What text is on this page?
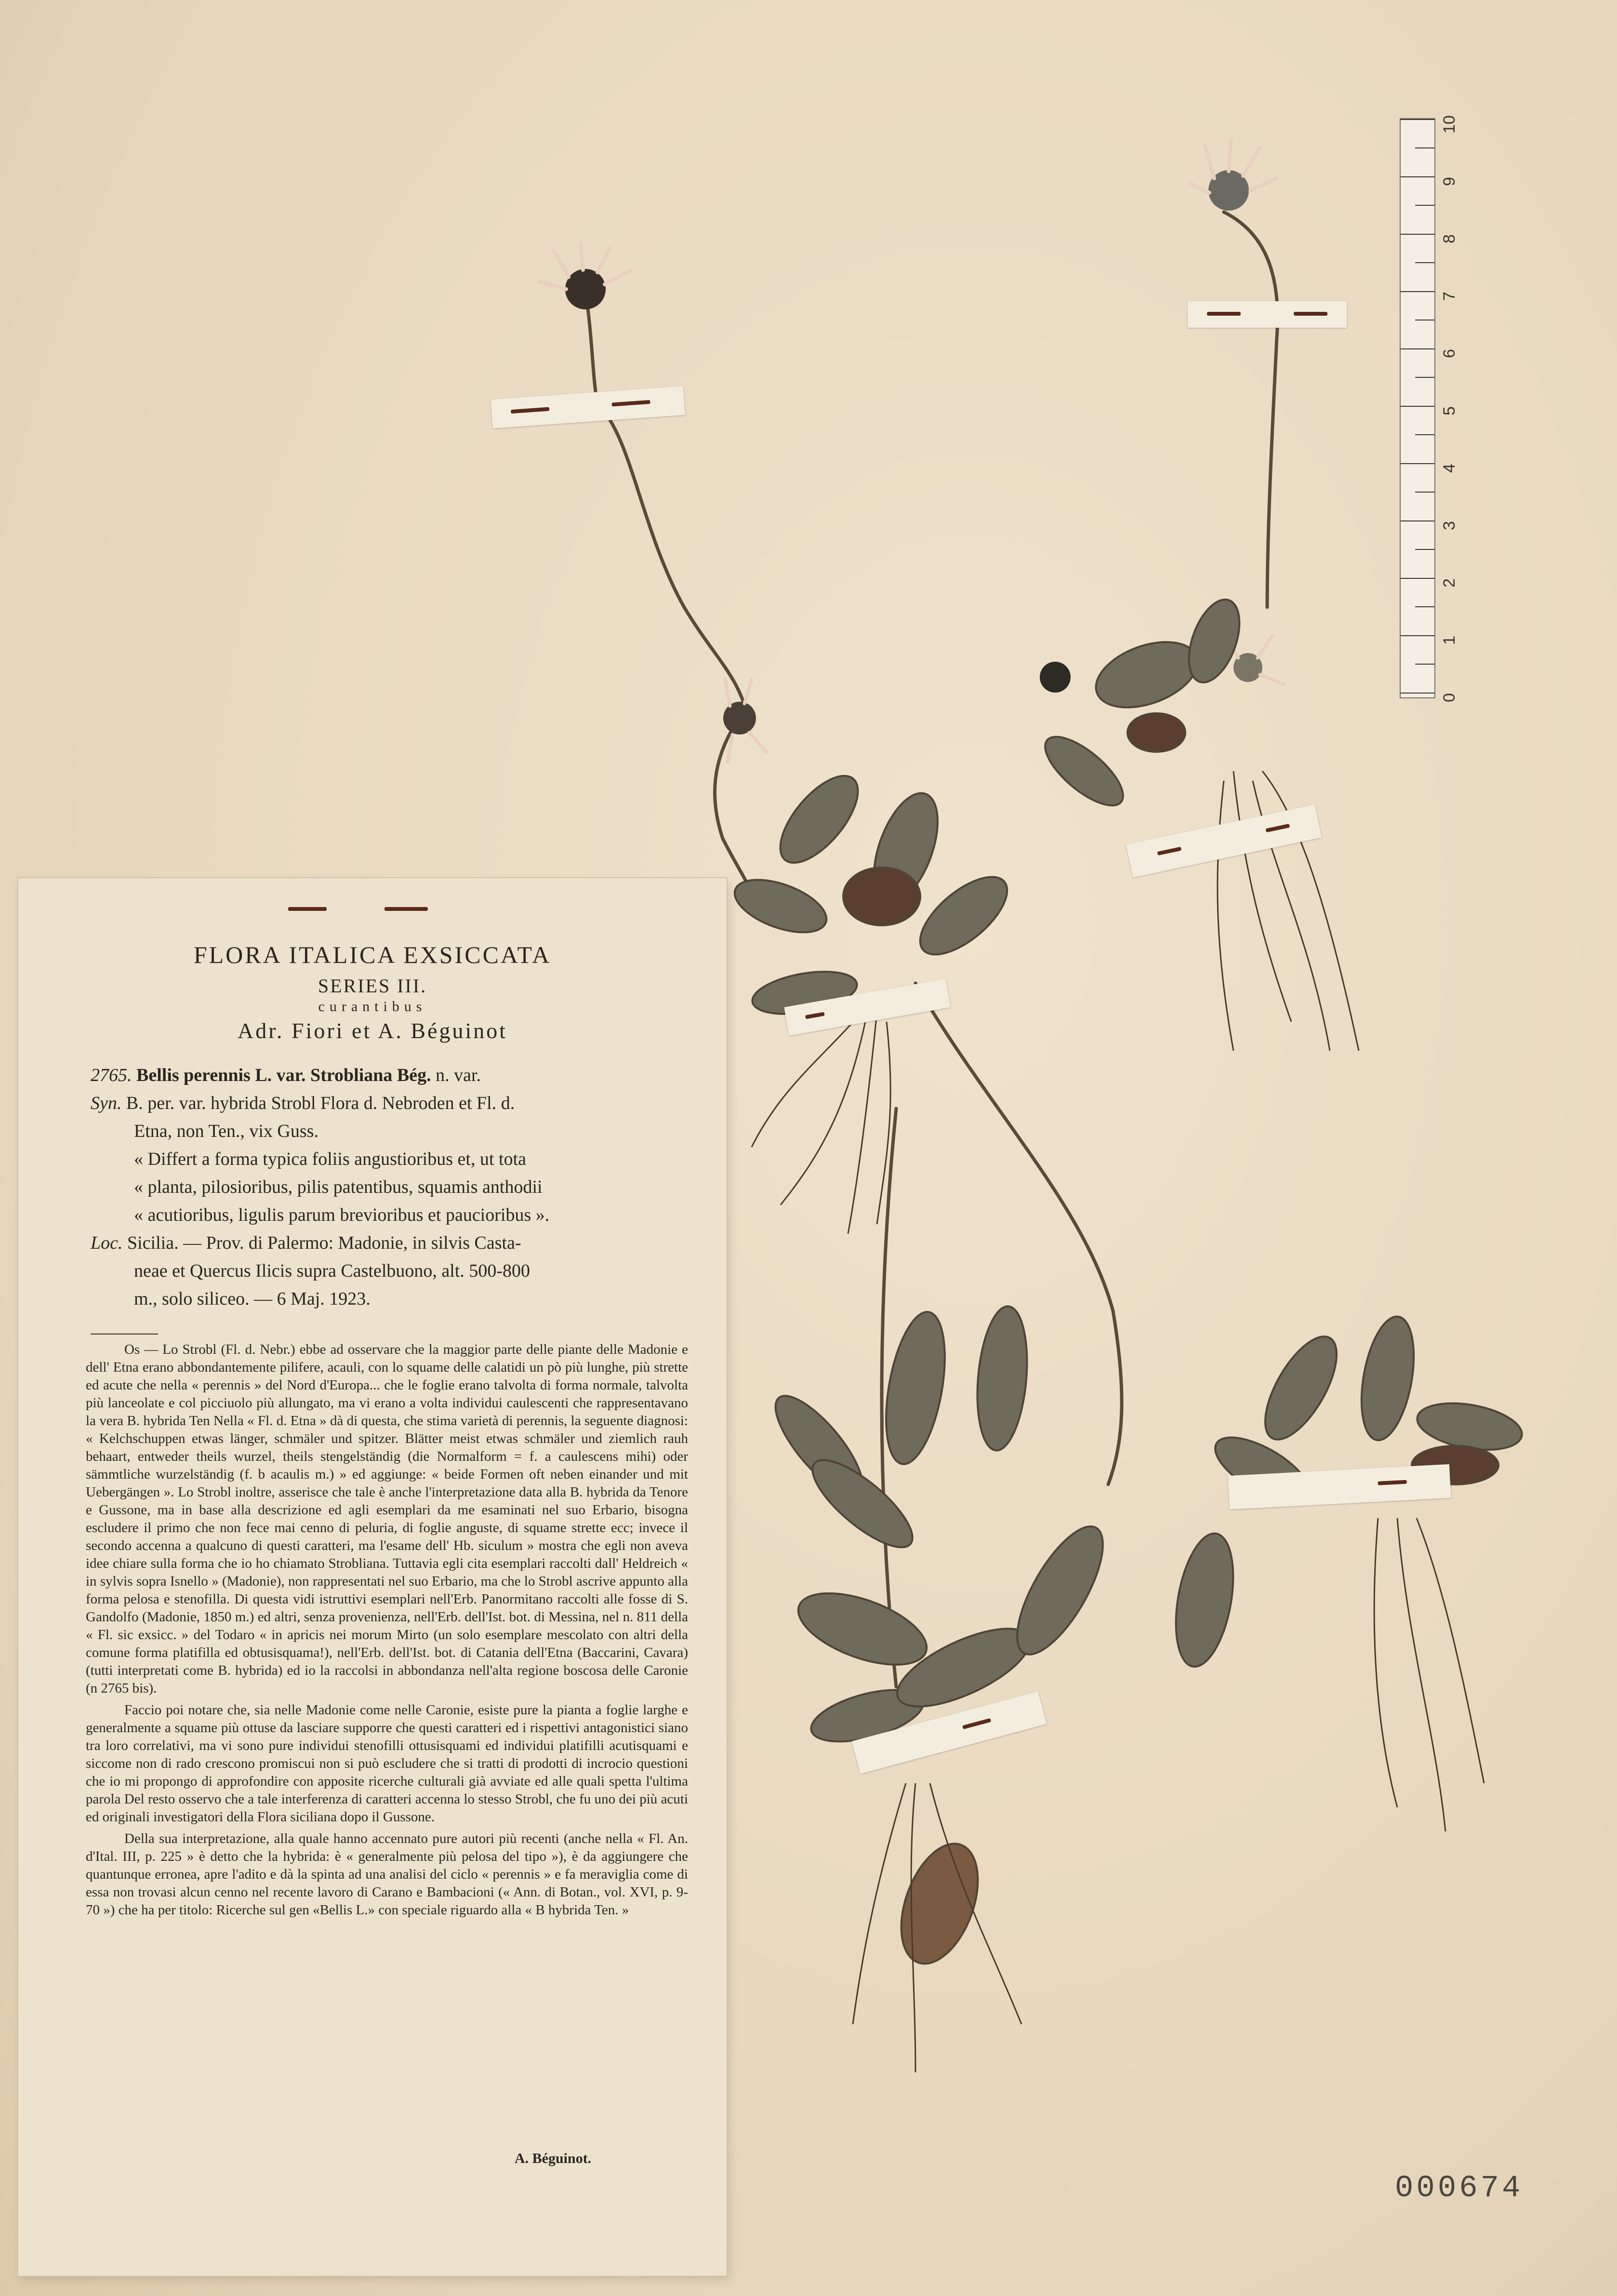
0
1
2
3
4
5
6
7
8
9
10
FLORA ITALICA EXSICCATA
SERIES III.
curantibus
Adr. Fiori et A. Béguinot
2765. Bellis perennis L. var. Strobliana Bég. n. var.
Syn. B. per. var. hybrida Strobl Flora d. Nebroden et Fl. d.
Etna, non Ten., vix Guss.
« Differt a forma typica foliis angustioribus et, ut tota
« planta, pilosioribus, pilis patentibus, squamis anthodii
« acutioribus, ligulis parum brevioribus et paucioribus ».
Loc. Sicilia. — Prov. di Palermo: Madonie, in silvis Casta-
neae et Quercus Ilicis supra Castelbuono, alt. 500-800
m., solo siliceo. — 6 Maj. 1923.

Os — Lo Strobl (Fl. d. Nebr.) ebbe ad osservare che la maggior parte delle piante delle Madonie e dell' Etna erano abbondantemente pilifere, acauli, con lo squame delle calatidi un pò più lunghe, più strette ed acute che nella « perennis » del Nord d'Europa... che le foglie erano talvolta di forma normale, talvolta più lanceolate e col picciuolo più allungato, ma vi erano a volta individui caulescenti che rappresentavano la vera B. hybrida Ten Nella « Fl. d. Etna » dà di questa, che stima varietà di perennis, la seguente diagnosi: « Kelchschuppen etwas länger, schmäler und spitzer. Blätter meist etwas schmäler und ziemlich rauh behaart, entweder theils wurzel, theils stengelständig (die Normalform = f. a caulescens mihi) oder sämmtliche wurzelständig (f. b acaulis m.) » ed aggiunge: « beide Formen oft neben einander und mit Uebergängen ». Lo Strobl inoltre, asserisce che tale è anche l'interpretazione data alla B. hybrida da Tenore e Gussone, ma in base alla descrizione ed agli esemplari da me esaminati nel suo Erbario, bisogna escludere il primo che non fece mai cenno di peluria, di foglie anguste, di squame strette ecc; invece il secondo accenna a qualcuno di questi caratteri, ma l'esame dell' Hb. siculum » mostra che egli non aveva idee chiare sulla forma che io ho chiamato Strobliana. Tuttavia egli cita esemplari raccolti dall' Heldreich « in sylvis sopra Isnello » (Madonie), non rappresentati nel suo Erbario, ma che lo Strobl ascrive appunto alla forma pelosa e stenofilla. Di questa vidi istruttivi esemplari nell'Erb. Panormitano raccolti alle fosse di S. Gandolfo (Madonie, 1850 m.) ed altri, senza provenienza, nell'Erb. dell'Ist. bot. di Messina, nel n. 811 della « Fl. sic exsicc. » del Todaro « in apricis nei morum Mirto (un solo esemplare mescolato con altri della comune forma platifilla ed obtusisquama!), nell'Erb. dell'Ist. bot. di Catania dell'Etna (Baccarini, Cavara) (tutti interpretati come B. hybrida) ed io la raccolsi in abbondanza nell'alta regione boscosa delle Caronie (n 2765 bis).

Faccio poi notare che, sia nelle Madonie come nelle Caronie, esiste pure la pianta a foglie larghe e generalmente a squame più ottuse da lasciare supporre che questi caratteri ed i rispettivi antagonistici siano tra loro correlativi, ma vi sono pure individui stenofilli ottusisquami ed individui platifilli acutisquami e siccome non di rado crescono promiscui non si può escludere che si tratti di prodotti di incrocio questioni che io mi propongo di approfondire con apposite ricerche culturali già avviate ed alle quali spetta l'ultima parola Del resto osservo che a tale interferenza di caratteri accenna lo stesso Strobl, che fu uno dei più acuti ed originali investigatori della Flora siciliana dopo il Gussone.

Della sua interpretazione, alla quale hanno accennato pure autori più recenti (anche nella « Fl. An. d'Ital. III, p. 225 » è detto che la hybrida: è « generalmente più pelosa del tipo »), è da aggiungere che quantunque erronea, apre l'adito e dà la spinta ad una analisi del ciclo « perennis » e fa meraviglia come di essa non trovasi alcun cenno nel recente lavoro di Carano e Bambacioni (« Ann. di Botan., vol. XVI, p. 9-70 ») che ha per titolo: Ricerche sul gen «Bellis L.» con speciale riguardo alla « B hybrida Ten. »

A. Béguinot.
000674
